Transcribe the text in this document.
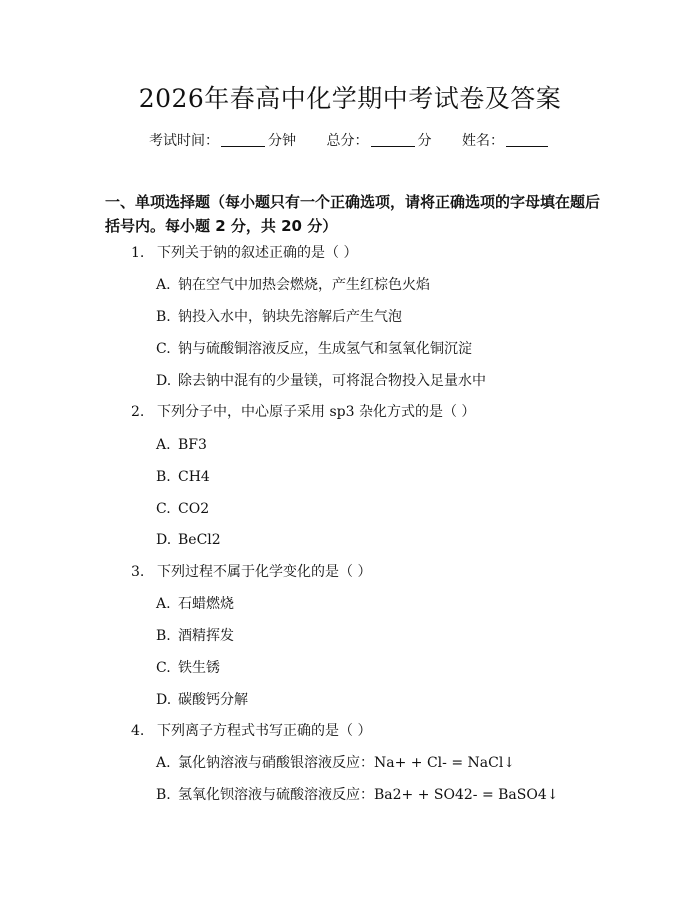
2026年春高中化学期中考试卷及答案
考试时间：	分钟 总分：	分 姓名：
一、单项选择题（每小题只有一个正确选项，请将正确选项的字母填在题后括号内。每小题 2 分，共 20 分）
1. 下列关于钠的叙述正确的是（ ）
A. 钠在空气中加热会燃烧，产生红棕色火焰
B. 钠投入水中，钠块先溶解后产生气泡
C. 钠与硫酸铜溶液反应，生成氢气和氢氧化铜沉淀
D. 除去钠中混有的少量镁，可将混合物投入足量水中
2. 下列分子中，中心原子采用 sp3 杂化方式的是（ ）
A. BF3
B. CH4
C. CO2
D. BeCl2
3. 下列过程不属于化学变化的是（ ）
A. 石蜡燃烧
B. 酒精挥发
C. 铁生锈
D. 碳酸钙分解
4. 下列离子方程式书写正确的是（ ）
A. 氯化钠溶液与硝酸银溶液反应：Na+ + Cl- = NaCl↓
B. 氢氧化钡溶液与硫酸溶液反应：Ba2+ + SO42- = BaSO4↓
